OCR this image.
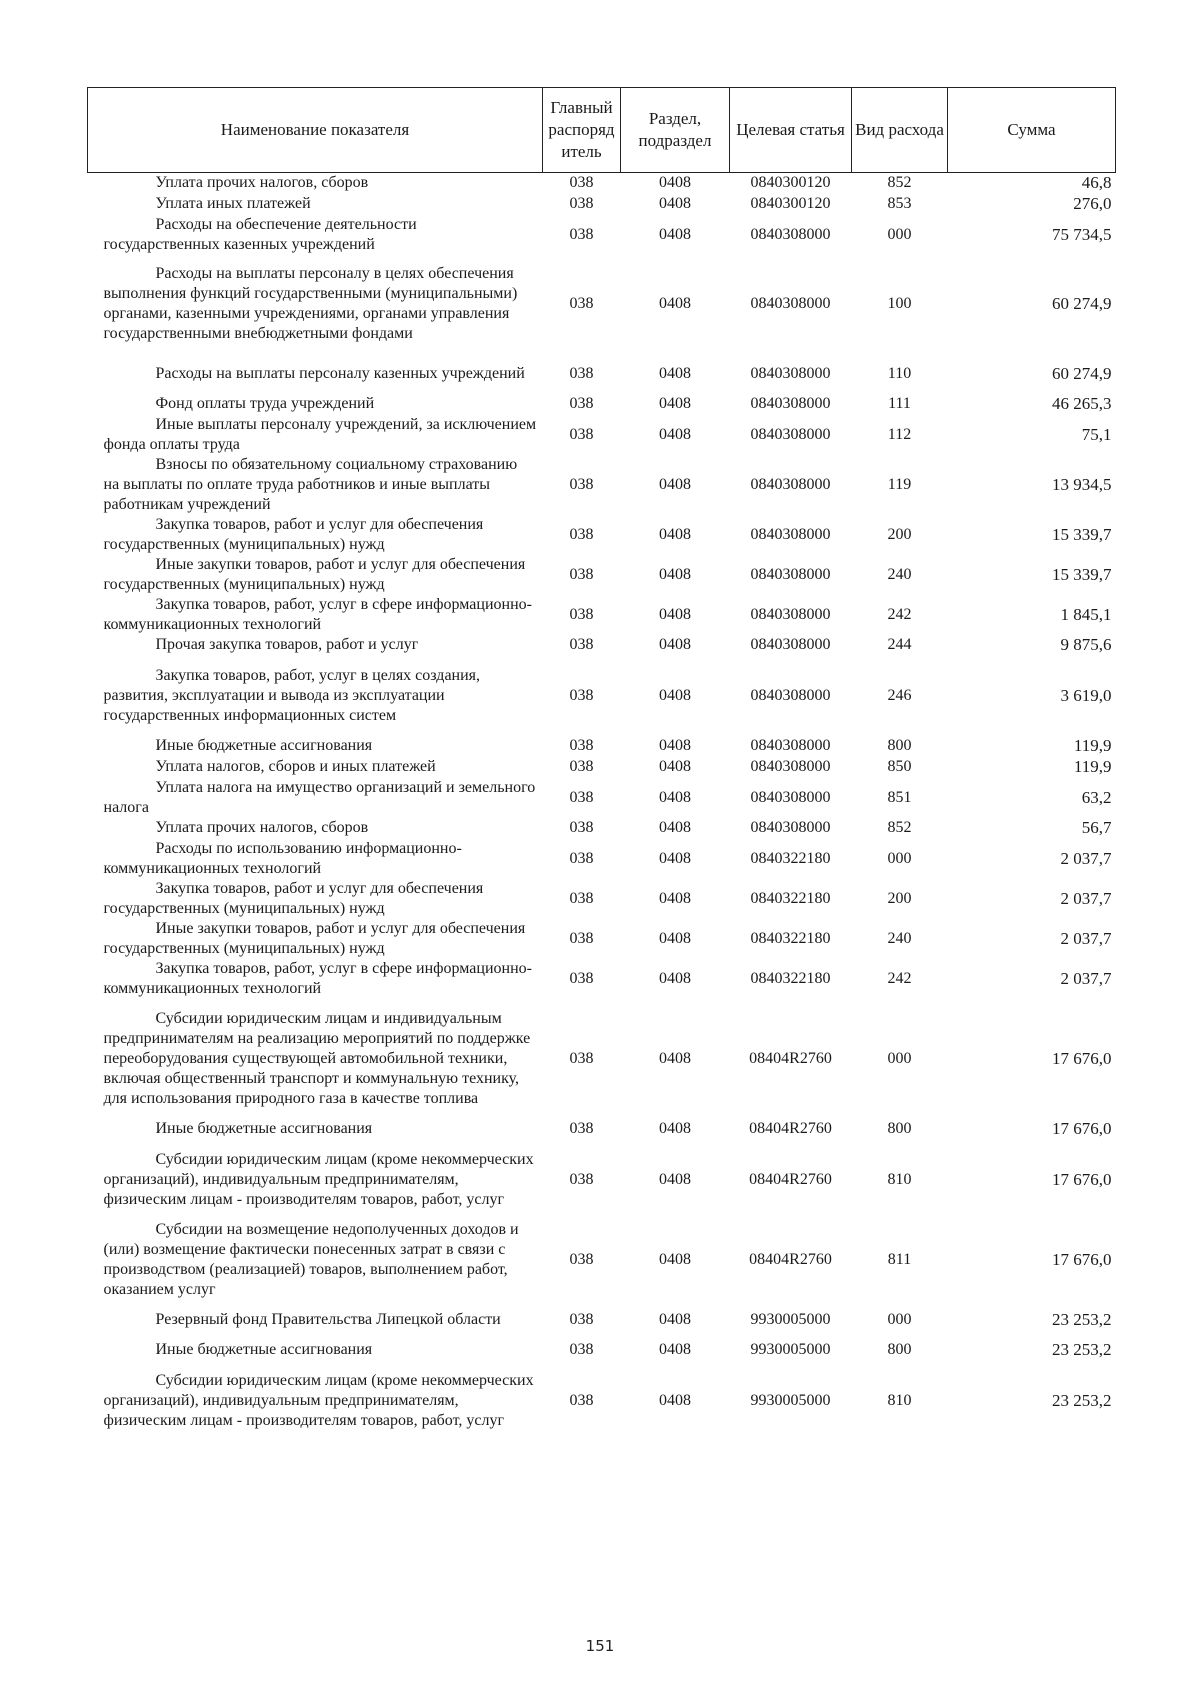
Наименование показателя	Главный распоряд итель	Раздел, подраздел	Целевая статья	Вид расхода	Сумма
Уплата прочих налогов, сборов	038	0408	0840300120	852	46,8
Уплата иных платежей	038	0408	0840300120	853	276,0
Расходы на обеспечение деятельности государственных казенных учреждений	038	0408	0840308000	000	75 734,5
Расходы на выплаты персоналу в целях обеспечения выполнения функций государственными (муниципальными) органами, казенными учреждениями, органами управления государственными внебюджетными фондами	038	0408	0840308000	100	60 274,9
Расходы на выплаты персоналу казенных учреждений	038	0408	0840308000	110	60 274,9
Фонд оплаты труда учреждений	038	0408	0840308000	111	46 265,3
Иные выплаты персоналу учреждений, за исключением фонда оплаты труда	038	0408	0840308000	112	75,1
Взносы по обязательному социальному страхованию на выплаты по оплате труда работников и иные выплаты работникам учреждений	038	0408	0840308000	119	13 934,5
Закупка товаров, работ и услуг для обеспечения государственных (муниципальных) нужд	038	0408	0840308000	200	15 339,7
Иные закупки товаров, работ и услуг для обеспечения государственных (муниципальных) нужд	038	0408	0840308000	240	15 339,7
Закупка товаров, работ, услуг в сфере информационно-коммуникационных технологий	038	0408	0840308000	242	1 845,1
Прочая закупка товаров, работ и услуг	038	0408	0840308000	244	9 875,6
Закупка товаров, работ, услуг в целях создания, развития, эксплуатации и вывода из эксплуатации государственных информационных систем	038	0408	0840308000	246	3 619,0
Иные бюджетные ассигнования	038	0408	0840308000	800	119,9
Уплата налогов, сборов и иных платежей	038	0408	0840308000	850	119,9
Уплата налога на имущество организаций и земельного налога	038	0408	0840308000	851	63,2
Уплата прочих налогов, сборов	038	0408	0840308000	852	56,7
Расходы по использованию информационно-коммуникационных технологий	038	0408	0840322180	000	2 037,7
Закупка товаров, работ и услуг для обеспечения государственных (муниципальных) нужд	038	0408	0840322180	200	2 037,7
Иные закупки товаров, работ и услуг для обеспечения государственных (муниципальных) нужд	038	0408	0840322180	240	2 037,7
Закупка товаров, работ, услуг в сфере информационно-коммуникационных технологий	038	0408	0840322180	242	2 037,7
Субсидии юридическим лицам и индивидуальным предпринимателям на реализацию мероприятий по поддержке переоборудования существующей автомобильной техники, включая общественный транспорт и коммунальную технику, для использования природного газа в качестве топлива	038	0408	08404R2760	000	17 676,0
Иные бюджетные ассигнования	038	0408	08404R2760	800	17 676,0
Субсидии юридическим лицам (кроме некоммерческих организаций), индивидуальным предпринимателям, физическим лицам - производителям товаров, работ, услуг	038	0408	08404R2760	810	17 676,0
Субсидии на возмещение недополученных доходов и (или) возмещение фактически понесенных затрат в связи с производством (реализацией) товаров, выполнением работ, оказанием услуг	038	0408	08404R2760	811	17 676,0
Резервный фонд Правительства Липецкой области	038	0408	9930005000	000	23 253,2
Иные бюджетные ассигнования	038	0408	9930005000	800	23 253,2
Субсидии юридическим лицам (кроме некоммерческих организаций), индивидуальным предпринимателям, физическим лицам - производителям товаров, работ, услуг	038	0408	9930005000	810	23 253,2
151
